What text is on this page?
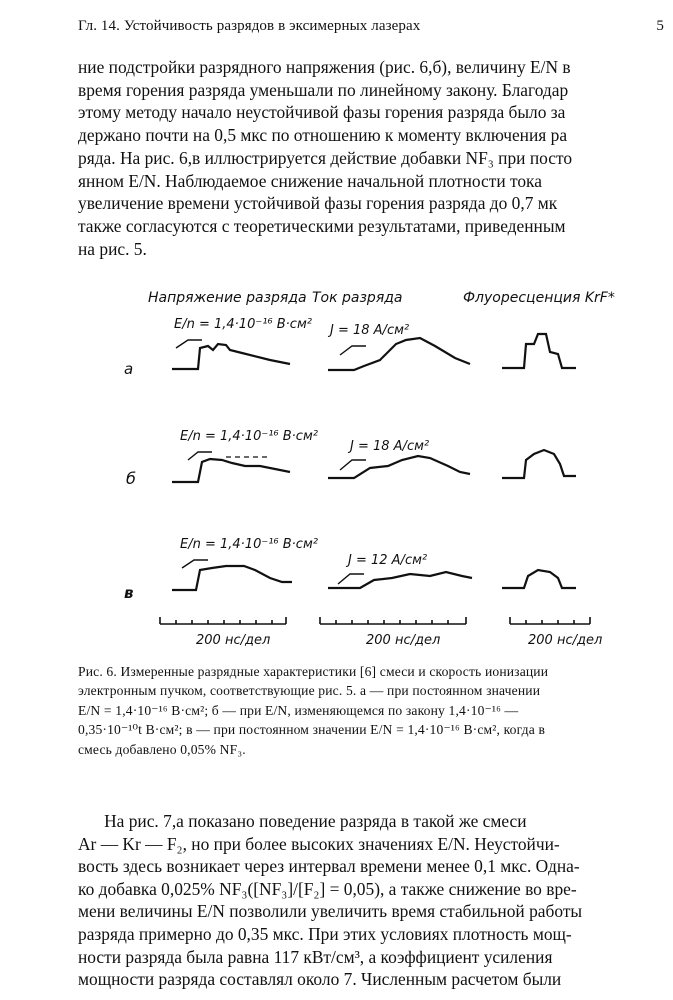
Гл. 14. Устойчивость разрядов в эксимерных лазерах	5
ние подстройки разрядного напряжения (рис. 6,б), величину E/N в
время горения разряда уменьшали по линейному закону. Благодар
этому методу начало неустойчивой фазы горения разряда было за
держано почти на 0,5 мкс по отношению к моменту включения ра
ряда. На рис. 6,в иллюстрируется действие добавки NF₃ при посто
янном E/N. Наблюдаемое снижение начальной плотности тока
увеличение времени устойчивой фазы горения разряда до 0,7 мк
также согласуются с теоретическими результатами, приведенным
на рис. 5.
Напряжение разряда Ток разряда	Флуоресценция KrF*
а
б
в
E/n = 1,4·10⁻¹⁶ B·см² J = 18 A/см²
E/n = 1,4·10⁻¹⁶ B·см²
J = 18 A/см²
E/n = 1,4·10⁻¹⁶ B·см²
J = 12 A/см²
200 нс/дел	200 нс/дел	200 нс/дел
Рис. 6. Измеренные разрядные характеристики [6] смеси и скорость ионизации
электронным пучком, соответствующие рис. 5. а — при постоянном значении
E/N = 1,4·10⁻¹⁶ B·см²; б — при E/N, изменяющемся по закону 1,4·10⁻¹⁶ —
0,35·10⁻¹⁰t B·см²; в — при постоянном значении E/N = 1,4·10⁻¹⁶ B·см², когда в
смесь добавлено 0,05% NF₃.
На рис. 7,а показано поведение разряда в такой же смеси
Ar — Kr — F₂, но при более высоких значениях E/N. Неустойчи-
вость здесь возникает через интервал времени менее 0,1 мкс. Одна-
ко добавка 0,025% NF₃([NF₃]/[F₂] = 0,05), а также снижение во вре-
мени величины E/N позволили увеличить время стабильной работы
разряда примерно до 0,35 мкс. При этих условиях плотность мощ-
ности разряда была равна 117 кВт/см³, а коэффициент усиления
мощности разряда составлял около 7. Численным расчетом были
